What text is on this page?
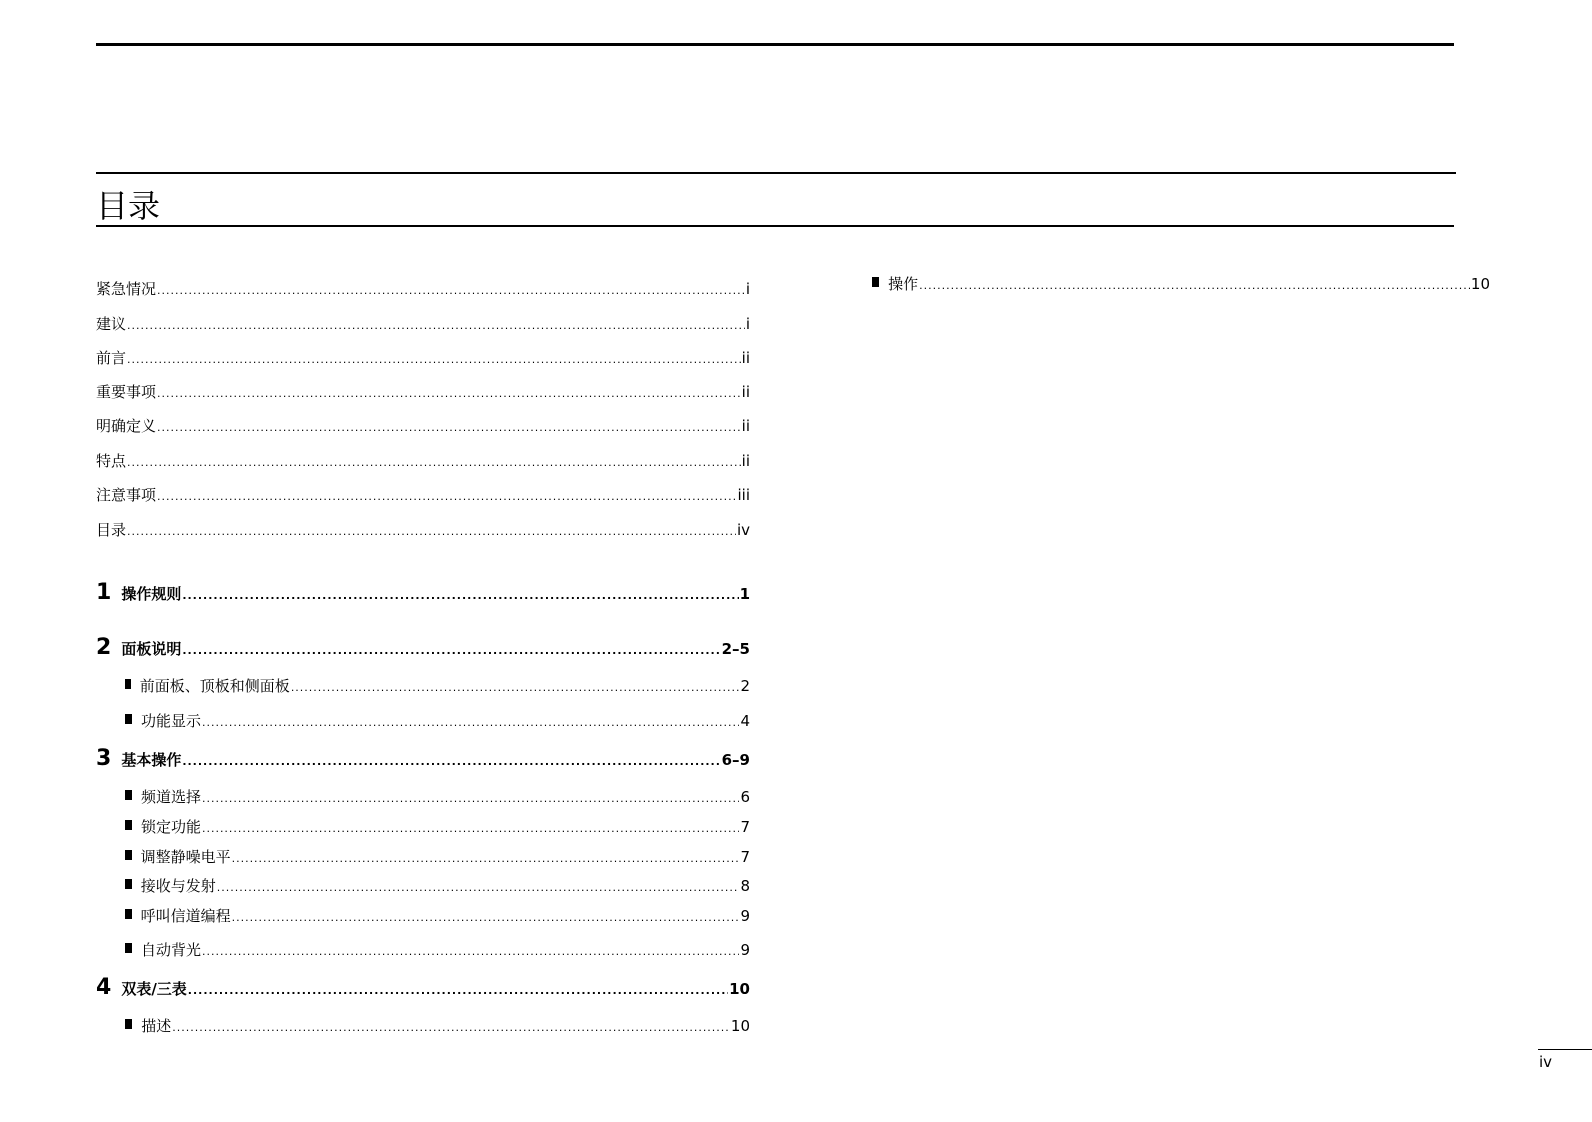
目录
紧急情况 .....	i
建议 .....	i
前言 .....	ii
重要事项 .....	ii
明确定义 .....	ii
特点 .....	ii
注意事项 .....	iii
目录 .....	iv
1 操作规则 .....	1
2 面板说明 .....	2–5
前面板、顶板和侧面板 .....	2
功能显示 .....	4
3 基本操作 .....	6–9
频道选择 .....	6
锁定功能 .....	7
调整静噪电平 .....	7
接收与发射 .....	8
呼叫信道编程 .....	9
自动背光 .....	9
4 双表/三表 .....	10
描述 .....	10
操作 .....	10
iv
